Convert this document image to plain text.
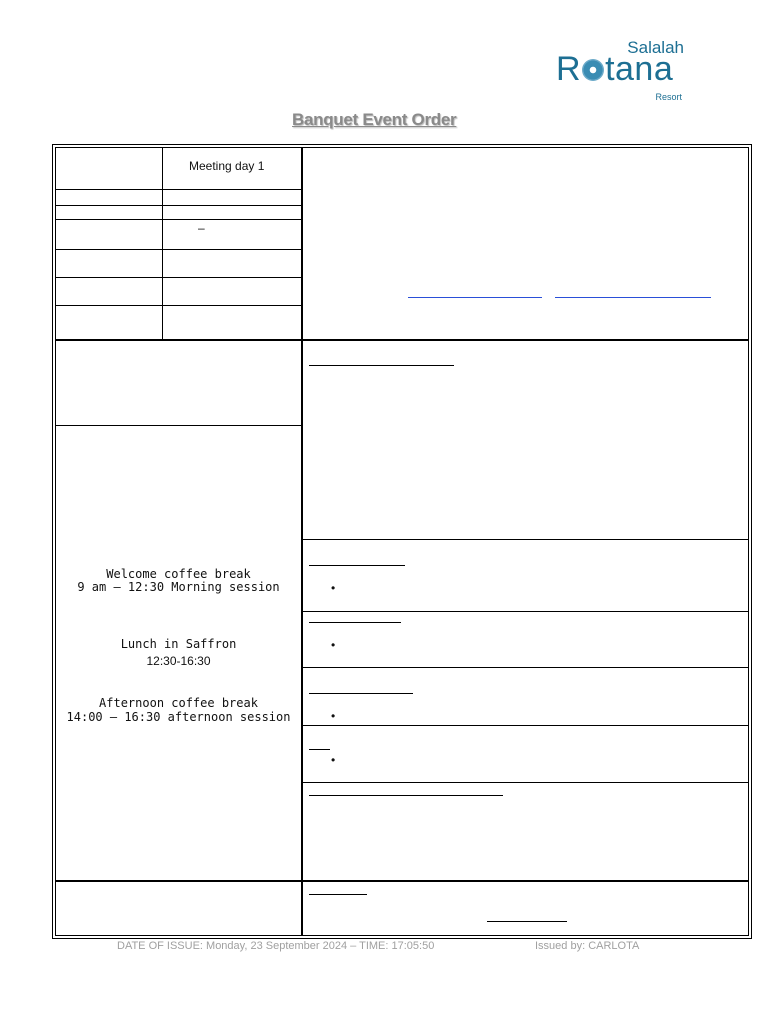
Salalah
R tana
Resort
Banquet Event Order
Meeting day 1
–
Welcome coffee break
9 am – 12:30 Morning session
Lunch in Saffron
12:30-16:30
Afternoon coffee break
14:00 – 16:30 afternoon session
•
•
•
•
DATE OF ISSUE: Monday, 23 September 2024 – TIME: 17:05:50	Issued by: CARLOTA
